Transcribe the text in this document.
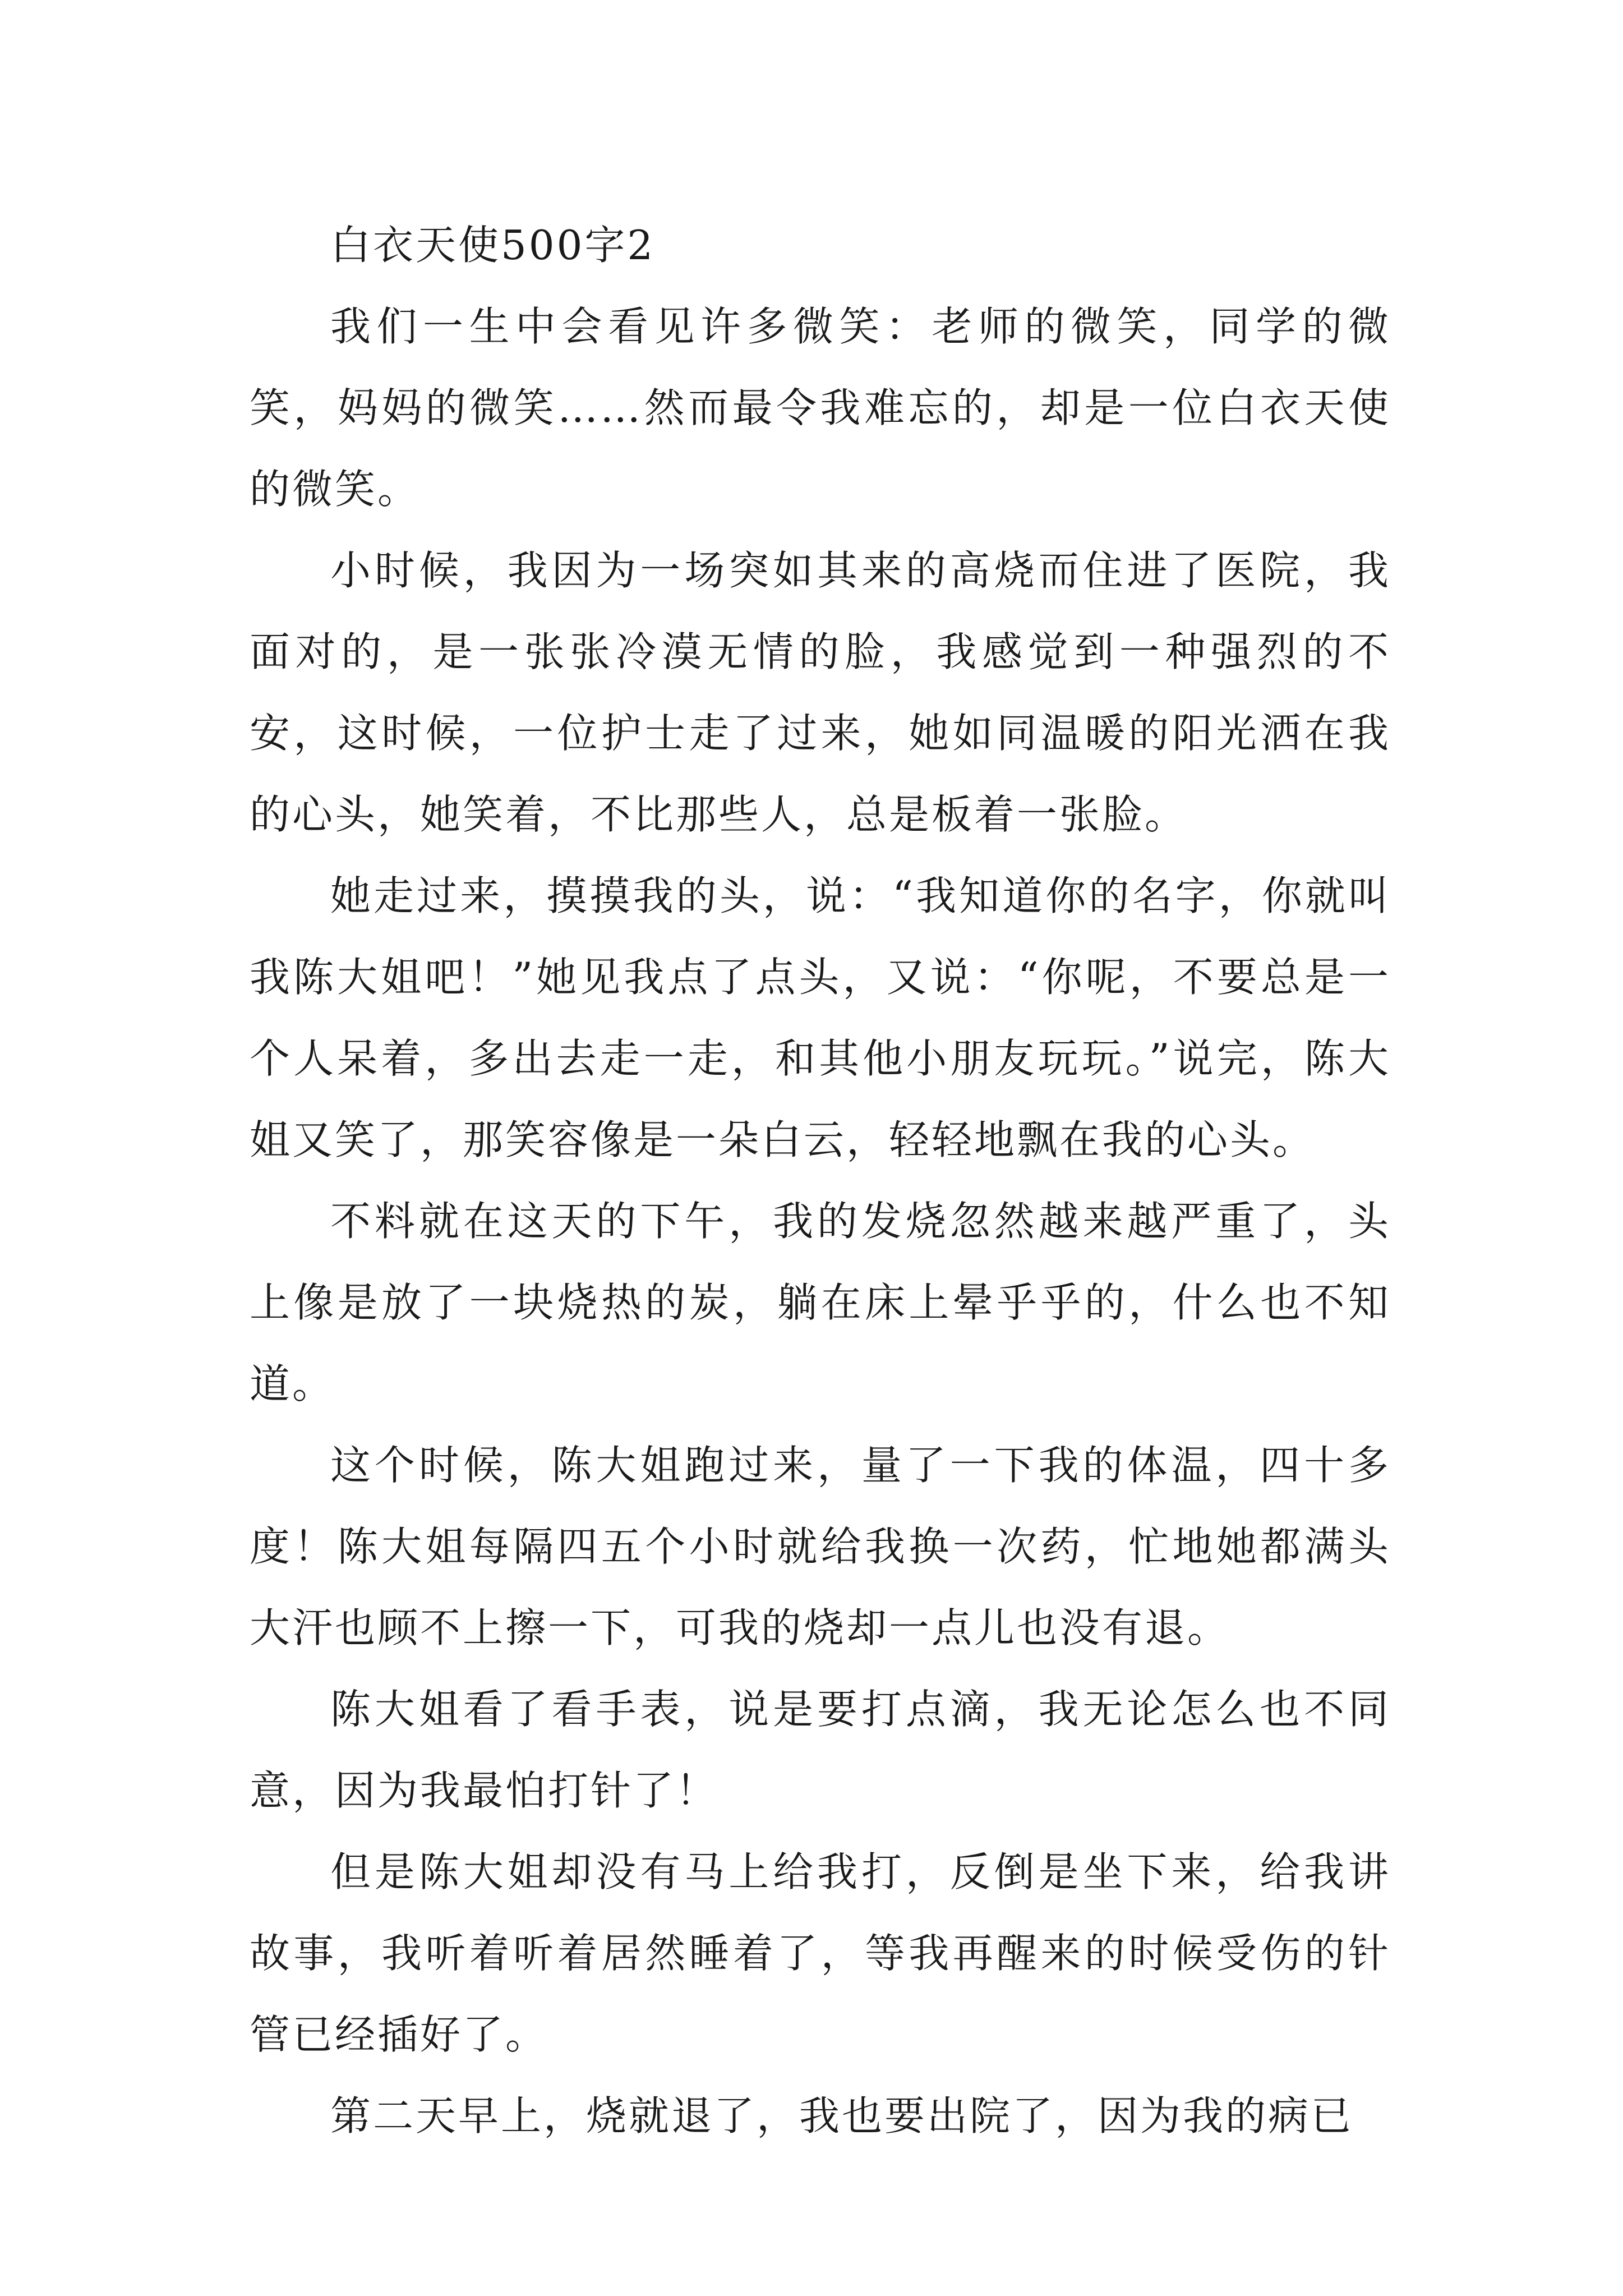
白衣天使500字2

我们一生中会看见许多微笑：老师的微笑，同学的微笑，妈妈的微笑……然而最令我难忘的，却是一位白衣天使的微笑。

小时候，我因为一场突如其来的高烧而住进了医院，我面对的，是一张张冷漠无情的脸，我感觉到一种强烈的不安，这时候，一位护士走了过来，她如同温暖的阳光洒在我的心头，她笑着，不比那些人，总是板着一张脸。

她走过来，摸摸我的头，说：“我知道你的名字，你就叫我陈大姐吧！”她见我点了点头，又说：“你呢，不要总是一个人呆着，多出去走一走，和其他小朋友玩玩。”说完，陈大姐又笑了，那笑容像是一朵白云，轻轻地飘在我的心头。

不料就在这天的下午，我的发烧忽然越来越严重了，头上像是放了一块烧热的炭，躺在床上晕乎乎的，什么也不知道。

这个时候，陈大姐跑过来，量了一下我的体温，四十多度！陈大姐每隔四五个小时就给我换一次药，忙地她都满头大汗也顾不上擦一下，可我的烧却一点儿也没有退。

陈大姐看了看手表，说是要打点滴，我无论怎么也不同意，因为我最怕打针了！

但是陈大姐却没有马上给我打，反倒是坐下来，给我讲故事，我听着听着居然睡着了，等我再醒来的时候受伤的针管已经插好了。

第二天早上，烧就退了，我也要出院了，因为我的病已
